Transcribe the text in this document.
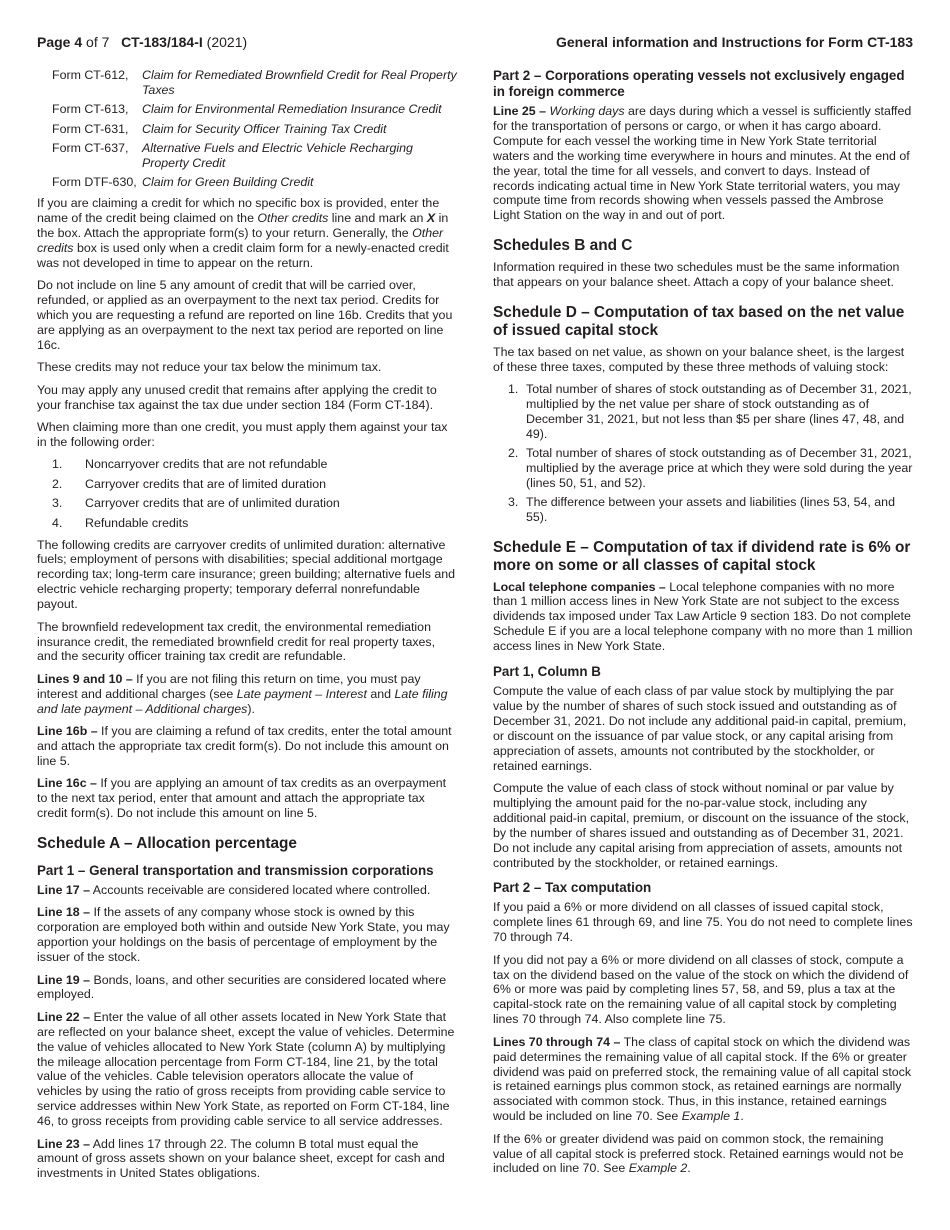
Page 4 of 7 CT-183/184-I (2021)	General information and Instructions for Form CT-183
Form CT-612,	Claim for Remediated Brownfield Credit for Real Property Taxes
Form CT-613,	Claim for Environmental Remediation Insurance Credit
Form CT-631,	Claim for Security Officer Training Tax Credit
Form CT-637,	Alternative Fuels and Electric Vehicle Recharging Property Credit
Form DTF-630, Claim for Green Building Credit

If you are claiming a credit for which no specific box is provided, enter the name of the credit being claimed on the Other credits line and mark an X in the box. Attach the appropriate form(s) to your return. Generally, the Other credits box is used only when a credit claim form for a newly-enacted credit was not developed in time to appear on the return.

Do not include on line 5 any amount of credit that will be carried over, refunded, or applied as an overpayment to the next tax period. Credits for which you are requesting a refund are reported on line 16b. Credits that you are applying as an overpayment to the next tax period are reported on line 16c.

These credits may not reduce your tax below the minimum tax.

You may apply any unused credit that remains after applying the credit to your franchise tax against the tax due under section 184 (Form CT-184).

When claiming more than one credit, you must apply them against your tax in the following order:

1.	Noncarryover credits that are not refundable
2.	Carryover credits that are of limited duration
3.	Carryover credits that are of unlimited duration
4.	Refundable credits

The following credits are carryover credits of unlimited duration: alternative fuels; employment of persons with disabilities; special additional mortgage recording tax; long-term care insurance; green building; alternative fuels and electric vehicle recharging property; temporary deferral nonrefundable payout.

The brownfield redevelopment tax credit, the environmental remediation insurance credit, the remediated brownfield credit for real property taxes, and the security officer training tax credit are refundable.

Lines 9 and 10 – If you are not filing this return on time, you must pay interest and additional charges (see Late payment – Interest and Late filing and late payment – Additional charges).

Line 16b – If you are claiming a refund of tax credits, enter the total amount and attach the appropriate tax credit form(s). Do not include this amount on line 5.

Line 16c – If you are applying an amount of tax credits as an overpayment to the next tax period, enter that amount and attach the appropriate tax credit form(s). Do not include this amount on line 5.

Schedule A – Allocation percentage
Part 1 – General transportation and transmission corporations

Line 17 – Accounts receivable are considered located where controlled.

Line 18 – If the assets of any company whose stock is owned by this corporation are employed both within and outside New York State, you may apportion your holdings on the basis of percentage of employment by the issuer of the stock.

Line 19 – Bonds, loans, and other securities are considered located where employed.

Line 22 – Enter the value of all other assets located in New York State that are reflected on your balance sheet, except the value of vehicles. Determine the value of vehicles allocated to New York State (column A) by multiplying the mileage allocation percentage from Form CT-184, line 21, by the total value of the vehicles. Cable television operators allocate the value of vehicles by using the ratio of gross receipts from providing cable service to service addresses within New York State, as reported on Form CT-184, line 46, to gross receipts from providing cable service to all service addresses.

Line 23 – Add lines 17 through 22. The column B total must equal the amount of gross assets shown on your balance sheet, except for cash and investments in United States obligations.

Part 2 – Corporations operating vessels not exclusively engaged in foreign commerce

Line 25 – Working days are days during which a vessel is sufficiently staffed for the transportation of persons or cargo, or when it has cargo aboard. Compute for each vessel the working time in New York State territorial waters and the working time everywhere in hours and minutes. At the end of the year, total the time for all vessels, and convert to days. Instead of records indicating actual time in New York State territorial waters, you may compute time from records showing when vessels passed the Ambrose Light Station on the way in and out of port.

Schedules B and C

Information required in these two schedules must be the same information that appears on your balance sheet. Attach a copy of your balance sheet.

Schedule D – Computation of tax based on the net value of issued capital stock

The tax based on net value, as shown on your balance sheet, is the largest of these three taxes, computed by these three methods of valuing stock:

1. Total number of shares of stock outstanding as of December 31, 2021, multiplied by the net value per share of stock outstanding as of December 31, 2021, but not less than $5 per share (lines 47, 48, and 49).
2. Total number of shares of stock outstanding as of December 31, 2021, multiplied by the average price at which they were sold during the year (lines 50, 51, and 52).
3. The difference between your assets and liabilities (lines 53, 54, and 55).
Schedule E – Computation of tax if dividend rate is 6% or more on some or all classes of capital stock

Local telephone companies – Local telephone companies with no more than 1 million access lines in New York State are not subject to the excess dividends tax imposed under Tax Law Article 9 section 183. Do not complete Schedule E if you are a local telephone company with no more than 1 million access lines in New York State.

Part 1, Column B

Compute the value of each class of par value stock by multiplying the par value by the number of shares of such stock issued and outstanding as of December 31, 2021. Do not include any additional paid-in capital, premium, or discount on the issuance of par value stock, or any capital arising from appreciation of assets, amounts not contributed by the stockholder, or retained earnings.

Compute the value of each class of stock without nominal or par value by multiplying the amount paid for the no-par-value stock, including any additional paid-in capital, premium, or discount on the issuance of the stock, by the number of shares issued and outstanding as of December 31, 2021. Do not include any capital arising from appreciation of assets, amounts not contributed by the stockholder, or retained earnings.

Part 2 – Tax computation

If you paid a 6% or more dividend on all classes of issued capital stock, complete lines 61 through 69, and line 75. You do not need to complete lines 70 through 74.

If you did not pay a 6% or more dividend on all classes of stock, compute a tax on the dividend based on the value of the stock on which the dividend of 6% or more was paid by completing lines 57, 58, and 59, plus a tax at the capital-stock rate on the remaining value of all capital stock by completing lines 70 through 74. Also complete line 75.

Lines 70 through 74 – The class of capital stock on which the dividend was paid determines the remaining value of all capital stock. If the 6% or greater dividend was paid on preferred stock, the remaining value of all capital stock is retained earnings plus common stock, as retained earnings are normally associated with common stock. Thus, in this instance, retained earnings would be included on line 70. See Example 1.

If the 6% or greater dividend was paid on common stock, the remaining value of all capital stock is preferred stock. Retained earnings would not be included on line 70. See Example 2.
